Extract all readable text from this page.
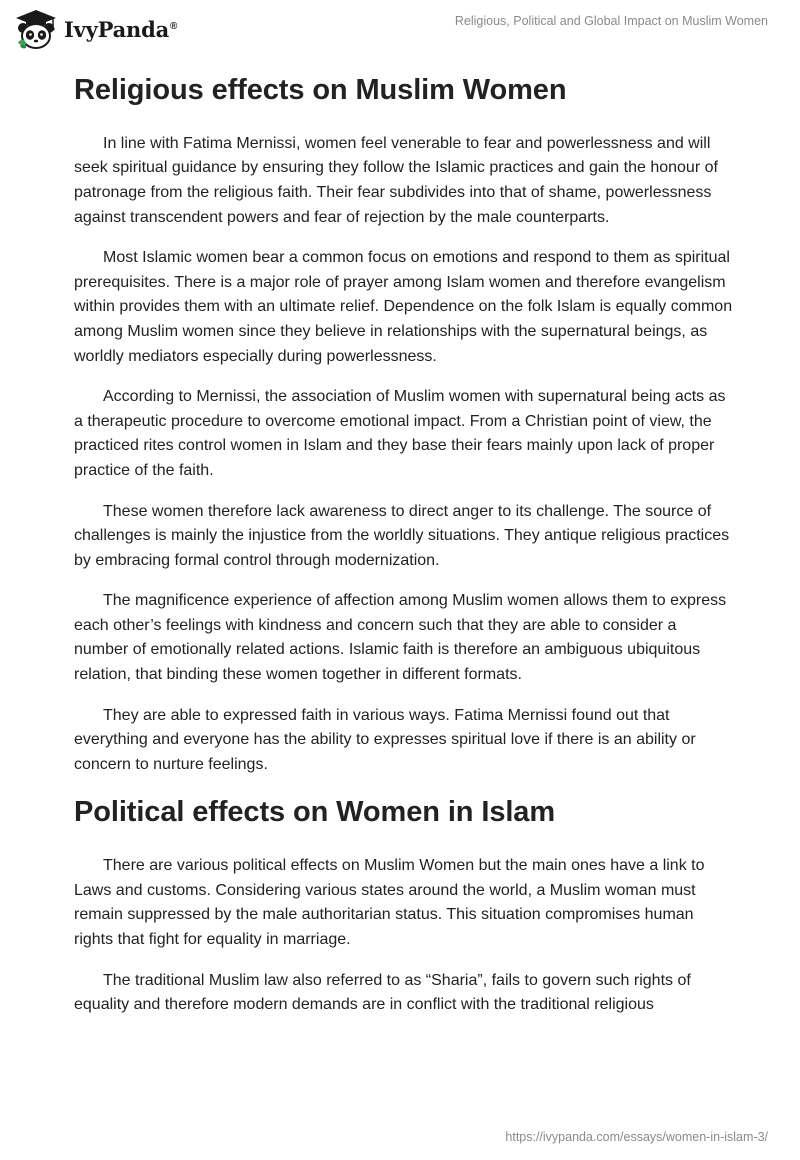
IvyPanda®	Religious, Political and Global Impact on Muslim Women
Religious effects on Muslim Women

In line with Fatima Mernissi, women feel venerable to fear and powerlessness and will seek spiritual guidance by ensuring they follow the Islamic practices and gain the honour of patronage from the religious faith. Their fear subdivides into that of shame, powerlessness against transcendent powers and fear of rejection by the male counterparts.

Most Islamic women bear a common focus on emotions and respond to them as spiritual prerequisites. There is a major role of prayer among Islam women and therefore evangelism within provides them with an ultimate relief. Dependence on the folk Islam is equally common among Muslim women since they believe in relationships with the supernatural beings, as worldly mediators especially during powerlessness.

According to Mernissi, the association of Muslim women with supernatural being acts as a therapeutic procedure to overcome emotional impact. From a Christian point of view, the practiced rites control women in Islam and they base their fears mainly upon lack of proper practice of the faith.

These women therefore lack awareness to direct anger to its challenge. The source of challenges is mainly the injustice from the worldly situations. They antique religious practices by embracing formal control through modernization.

The magnificence experience of affection among Muslim women allows them to express each other’s feelings with kindness and concern such that they are able to consider a number of emotionally related actions. Islamic faith is therefore an ambiguous ubiquitous relation, that binding these women together in different formats.

They are able to expressed faith in various ways. Fatima Mernissi found out that everything and everyone has the ability to expresses spiritual love if there is an ability or concern to nurture feelings.

Political effects on Women in Islam

There are various political effects on Muslim Women but the main ones have a link to Laws and customs. Considering various states around the world, a Muslim woman must remain suppressed by the male authoritarian status. This situation compromises human rights that fight for equality in marriage.

The traditional Muslim law also referred to as “Sharia”, fails to govern such rights of equality and therefore modern demands are in conflict with the traditional religious

https://ivypanda.com/essays/women-in-islam-3/
